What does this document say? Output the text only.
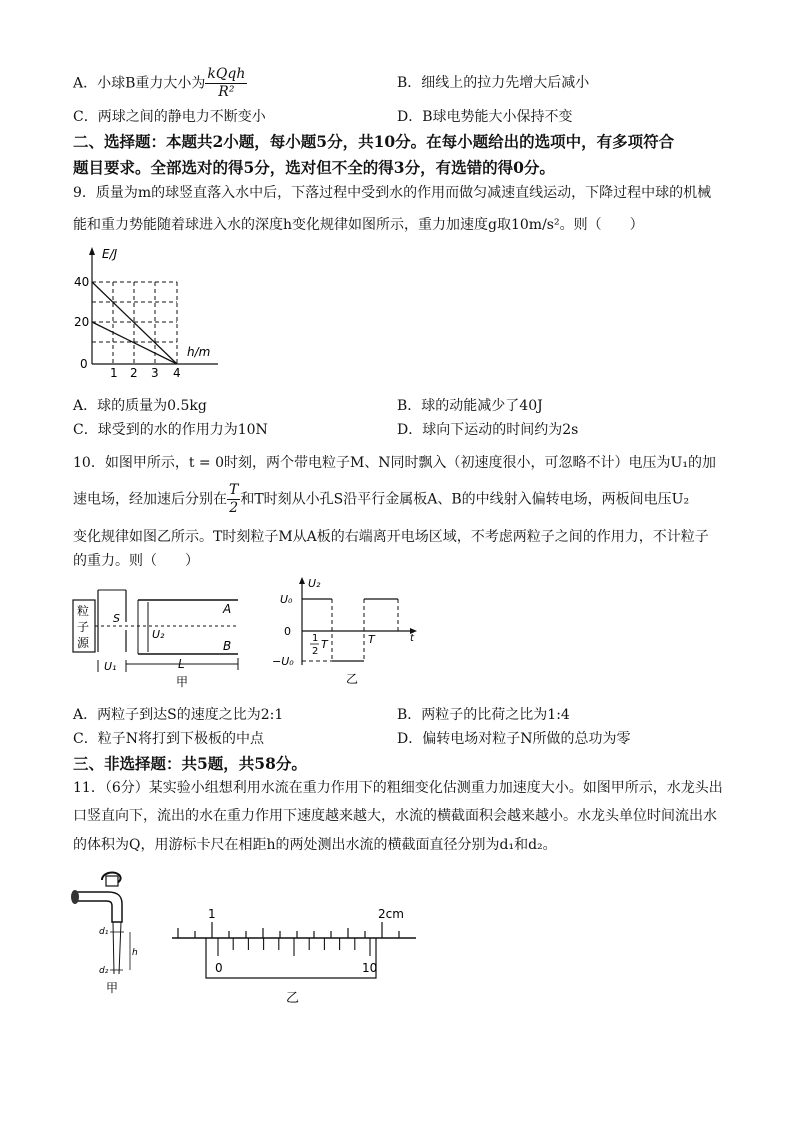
A．小球B重力大小为 $\frac{\text{kQqh}}{\text{R²}}$	B．细线上的拉力先增大后减小
C．两球之间的静电力不断变小	D．B球电势能大小保持不变
二、选择题：本题共2小题，每小题5分，共10分。在每小题给出的选项中，有多项符合
题目要求。全部选对的得5分，选对但不全的得3分，有选错的得0分。
9．质量为m的球竖直落入水中后，下落过程中受到水的作用而做匀减速直线运动，下降过程中球的机械
能和重力势能随着球进入水的深度h变化规律如图所示，重力加速度g取10m/s²。则（　　）
E/J
h/m
40
20
0
1 2 3 4
A．球的质量为0.5kg	B．球的动能减少了40J
C．球受到的水的作用力为10N	D．球向下运动的时间约为2s
10．如图甲所示，t = 0时刻，两个带电粒子M、N同时飘入（初速度很小，可忽略不计）电压为U₁的加
速电场，经加速后分别在 $\frac{T}{2}$ 和T时刻从小孔S沿平行金属板A、B的中线射入偏转电场，两板间电压U₂
变化规律如图乙所示。T时刻粒子M从A板的右端离开电场区域，不考虑两粒子之间的作用力，不计粒子
的重力。则（　　）
粒
子
源
S
A
B
U₂
U₁	L
甲
U₂
U₀
0
−U₀
t
1
2
T	T
乙
A．两粒子到达S的速度之比为2:1	B．两粒子的比荷之比为1:4
C．粒子N将打到下极板的中点	D．偏转电场对粒子N所做的总功为零
三、非选择题：共5题，共58分。
11．（6分）某实验小组想利用水流在重力作用下的粗细变化估测重力加速度大小。如图甲所示，水龙头出
口竖直向下，流出的水在重力作用下速度越来越大，水流的横截面积会越来越小。水龙头单位时间流出水
的体积为Q，用游标卡尺在相距h的两处测出水流的横截面直径分别为d₁和d₂。
d₁
d₂
h
甲
1	2cm
0	10
乙
